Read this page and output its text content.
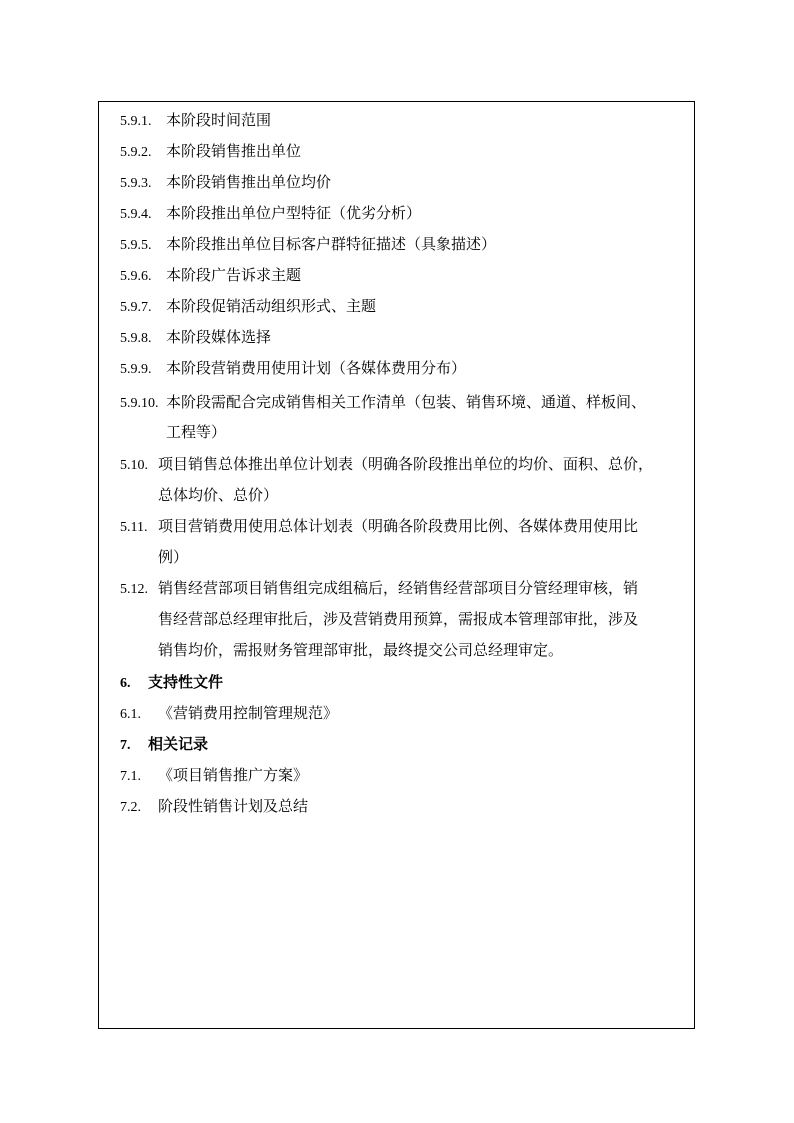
5.9.1. 本阶段时间范围
5.9.2. 本阶段销售推出单位
5.9.3. 本阶段销售推出单位均价
5.9.4. 本阶段推出单位户型特征（优劣分析）
5.9.5. 本阶段推出单位目标客户群特征描述（具象描述）
5.9.6. 本阶段广告诉求主题
5.9.7. 本阶段促销活动组织形式、主题
5.9.8. 本阶段媒体选择
5.9.9. 本阶段营销费用使用计划（各媒体费用分布）
5.9.10. 本阶段需配合完成销售相关工作清单（包装、销售环境、通道、样板间、
工程等）
5.10. 项目销售总体推出单位计划表（明确各阶段推出单位的均价、面积、总价，
总体均价、总价）
5.11. 项目营销费用使用总体计划表（明确各阶段费用比例、各媒体费用使用比
例）
5.12. 销售经营部项目销售组完成组稿后，经销售经营部项目分管经理审核，销
售经营部总经理审批后，涉及营销费用预算，需报成本管理部审批，涉及
销售均价，需报财务管理部审批，最终提交公司总经理审定。
6. 支持性文件
6.1. 《营销费用控制管理规范》
7. 相关记录
7.1. 《项目销售推广方案》
7.2. 阶段性销售计划及总结
